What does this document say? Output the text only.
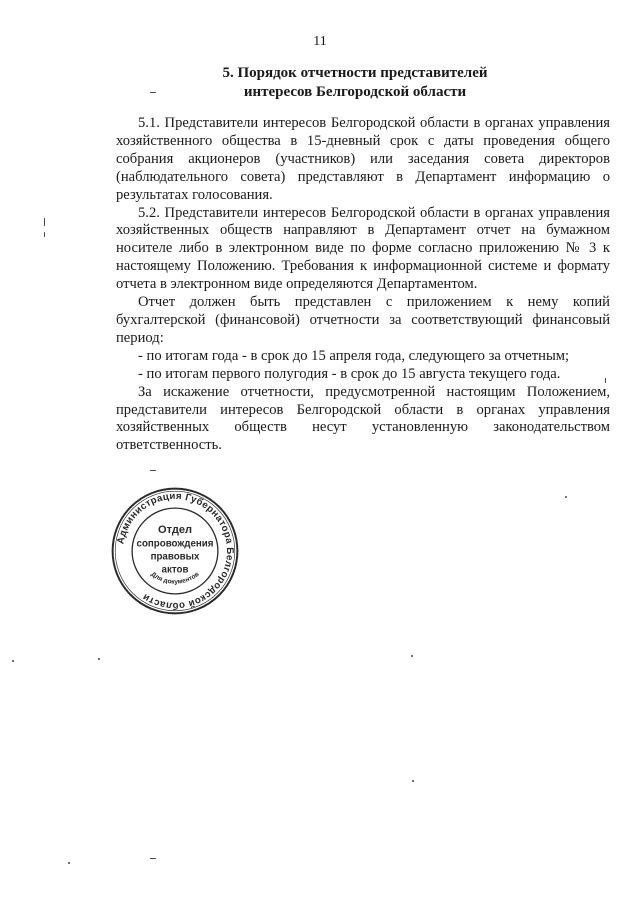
11
5. Порядок отчетности представителей
интересов Белгородской области

5.1. Представители интересов Белгородской области в органах управления хозяйственного общества в 15-дневный срок с даты проведения общего собрания акционеров (участников) или заседания совета директоров (наблюдательного совета) представляют в Департамент информацию о результатах голосования.

5.2. Представители интересов Белгородской области в органах управления хозяйственных обществ направляют в Департамент отчет на бумажном носителе либо в электронном виде по форме согласно приложению № 3 к настоящему Положению. Требования к информационной системе и формату отчета в электронном виде определяются Департаментом.

Отчет должен быть представлен с приложением к нему копий бухгалтерской (финансовой) отчетности за соответствующий финансовый период:

- по итогам года - в срок до 15 апреля года, следующего за отчетным;

- по итогам первого полугодия - в срок до 15 августа текущего года.

За искажение отчетности, предусмотренной настоящим Положением, представители интересов Белгородской области в органах управления хозяйственных обществ несут установленную законодательством ответственность.

Администрация Губернатора Белгородской области
Отдел
сопровождения
правовых
актов
Для документов
